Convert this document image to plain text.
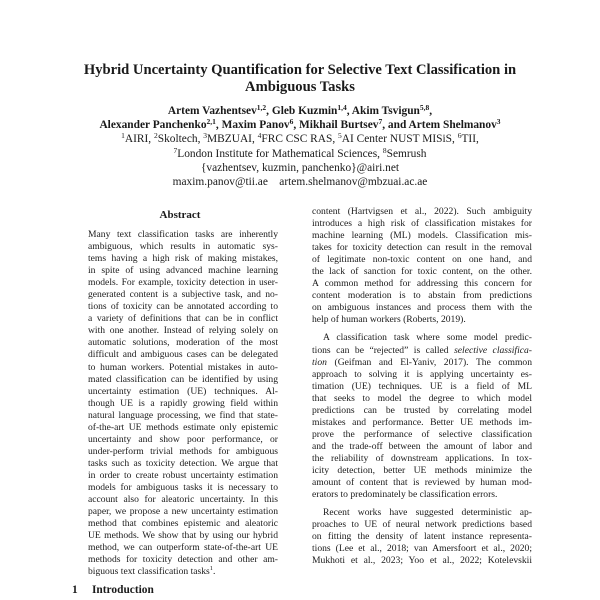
Hybrid Uncertainty Quantification for Selective Text Classification in
Ambiguous Tasks
Artem Vazhentsev$^{1,2}$, Gleb Kuzmin$^{1,4}$, Akim Tsvigun$^{5,8}$,
Alexander Panchenko$^{2,1}$, Maxim Panov$^6$, Mikhail Burtsev$^7$, and Artem Shelmanov$^3$
$^1$AIRI, $^2$Skoltech, $^3$MBZUAI, $^4$FRC CSC RAS, $^5$AI Center NUST MISiS, $^6$TII,
$^7$London Institute for Mathematical Sciences, $^8$Semrush
{vazhentsev, kuzmin, panchenko}@airi.net
maxim.panov@tii.ae    artem.shelmanov@mbzuai.ac.ae
Abstract
Many text classification tasks are inherently
ambiguous, which results in automatic sys-
tems having a high risk of making mistakes,
in spite of using advanced machine learning
models. For example, toxicity detection in user-
generated content is a subjective task, and no-
tions of toxicity can be annotated according to
a variety of definitions that can be in conflict
with one another. Instead of relying solely on
automatic solutions, moderation of the most
difficult and ambiguous cases can be delegated
to human workers. Potential mistakes in auto-
mated classification can be identified by using
uncertainty estimation (UE) techniques. Al-
though UE is a rapidly growing field within
natural language processing, we find that state-
of-the-art UE methods estimate only epistemic
uncertainty and show poor performance, or
under-perform trivial methods for ambiguous
tasks such as toxicity detection. We argue that
in order to create robust uncertainty estimation
models for ambiguous tasks it is necessary to
account also for aleatoric uncertainty. In this
paper, we propose a new uncertainty estimation
method that combines epistemic and aleatoric
UE methods. We show that by using our hybrid
method, we can outperform state-of-the-art UE
methods for toxicity detection and other am-
biguous text classification tasks$^1$.
1 Introduction
content (Hartvigsen et al., 2022). Such ambiguity
introduces a high risk of classification mistakes for
machine learning (ML) models. Classification mis-
takes for toxicity detection can result in the removal
of legitimate non-toxic content on one hand, and
the lack of sanction for toxic content, on the other.
A common method for addressing this concern for
content moderation is to abstain from predictions
on ambiguous instances and process them with the
help of human workers (Roberts, 2019).
A classification task where some model predic-
tions can be “rejected” is called selective classifica-
tion (Geifman and El-Yaniv, 2017). The common
approach to solving it is applying uncertainty es-
timation (UE) techniques. UE is a field of ML
that seeks to model the degree to which model
predictions can be trusted by correlating model
mistakes and performance. Better UE methods im-
prove the performance of selective classification
and the trade-off between the amount of labor and
the reliability of downstream applications. In tox-
icity detection, better UE methods minimize the
amount of content that is reviewed by human mod-
erators to predominately be classification errors.
Recent works have suggested deterministic ap-
proaches to UE of neural network predictions based
on fitting the density of latent instance representa-
tions (Lee et al., 2018; van Amersfoort et al., 2020;
Mukhoti et al., 2023; Yoo et al., 2022; Kotelevskii
